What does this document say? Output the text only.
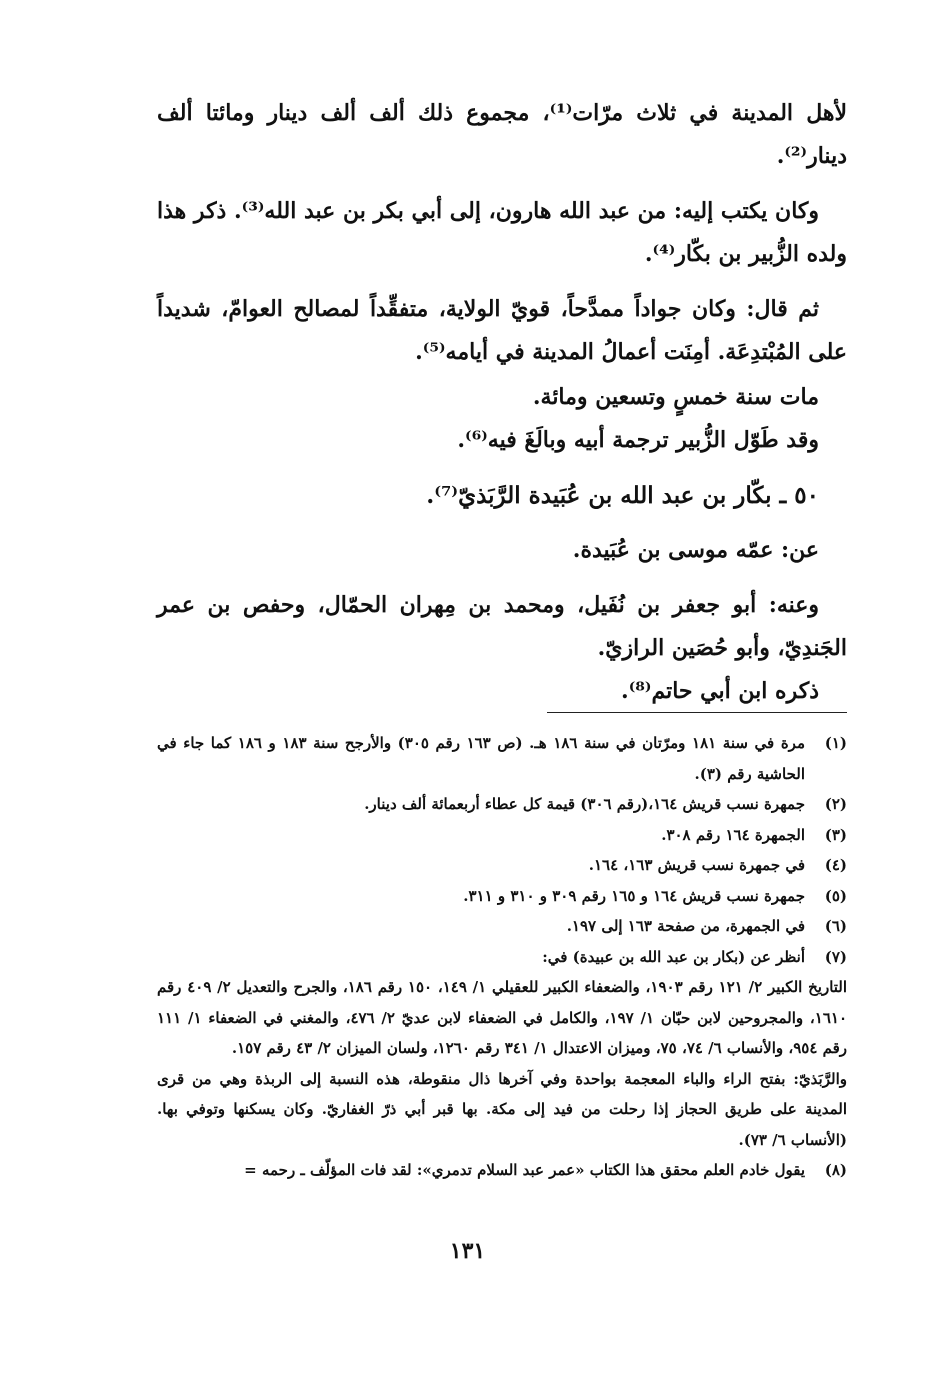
لأهل المدينة في ثلاث مرّات⁽¹⁾، مجموع ذلك ألف ألف دينار ومائتا ألف دينار⁽²⁾.

وكان يكتب إليه: من عبد الله هارون، إلى أبي بكر بن عبد الله⁽³⁾. ذكر هذا ولده الزُّبير بن بكّار⁽⁴⁾.

ثم قال: وكان جواداً ممدَّحاً، قويّ الولاية، متفقِّداً لمصالح العوامّ، شديداً على المُبْتدِعَة. أمِنَت أعمالُ المدينة في أيامه⁽⁵⁾.

مات سنة خمسٍ وتسعين ومائة.

وقد طَوّل الزُّبير ترجمة أبيه وبالَغَ فيه⁽⁶⁾.

٥٠ ـ بكّار بن عبد الله بن عُبَيدة الرَّبَذيّ⁽⁷⁾.

عن: عمّه موسى بن عُبَيدة.

وعنه: أبو جعفر بن نُفَيل، ومحمد بن مِهران الحمّال، وحفص بن عمر الجَندِيّ، وأبو حُصَين الرازيّ.

ذكره ابن أبي حاتم⁽⁸⁾.

(١)
مرة في سنة ١٨١ ومرّتان في سنة ١٨٦ هـ. (ص ١٦٣ رقم ٣٠٥) والأرجح سنة ١٨٣ و ١٨٦ كما جاء في الحاشية رقم (٣).
(٢)
جمهرة نسب قريش ١٦٤،(رقم ٣٠٦) قيمة كل عطاء أربعمائة ألف دينار.
(٣)
الجمهرة ١٦٤ رقم ٣٠٨.
(٤)
في جمهرة نسب قريش ١٦٣، ١٦٤.
(٥)
جمهرة نسب قريش ١٦٤ و ١٦٥ رقم ٣٠٩ و ٣١٠ و ٣١١.
(٦)
في الجمهرة، من صفحة ١٦٣ إلى ١٩٧.
(٧)
أنظر عن (بكار بن عبد الله بن عبيدة) في:

التاريخ الكبير ٢/ ١٢١ رقم ١٩٠٣، والضعفاء الكبير للعقيلي ١/ ١٤٩، ١٥٠ رقم ١٨٦، والجرح والتعديل ٢/ ٤٠٩ رقم ١٦١٠، والمجروحين لابن حبّان ١/ ١٩٧، والكامل في الضعفاء لابن عديّ ٢/ ٤٧٦، والمغني في الضعفاء ١/ ١١١ رقم ٩٥٤، والأنساب ٦/ ٧٤، ٧٥، وميزان الاعتدال ١/ ٣٤١ رقم ١٢٦٠، ولسان الميزان ٢/ ٤٣ رقم ١٥٧.

والرَّبَذيّ: بفتح الراء والباء المعجمة بواحدة وفي آخرها ذال منقوطة، هذه النسبة إلى الربذة وهي من قرى المدينة على طريق الحجاز إذا رحلت من فيد إلى مكة. بها قبر أبي ذرّ الغفاريّ. وكان يسكنها وتوفي بها. (الأنساب ٦/ ٧٣).

(٨)
يقول خادم العلم محقق هذا الكتاب «عمر عبد السلام تدمري»: لقد فات المؤلّف ـ رحمه =
١٣١
